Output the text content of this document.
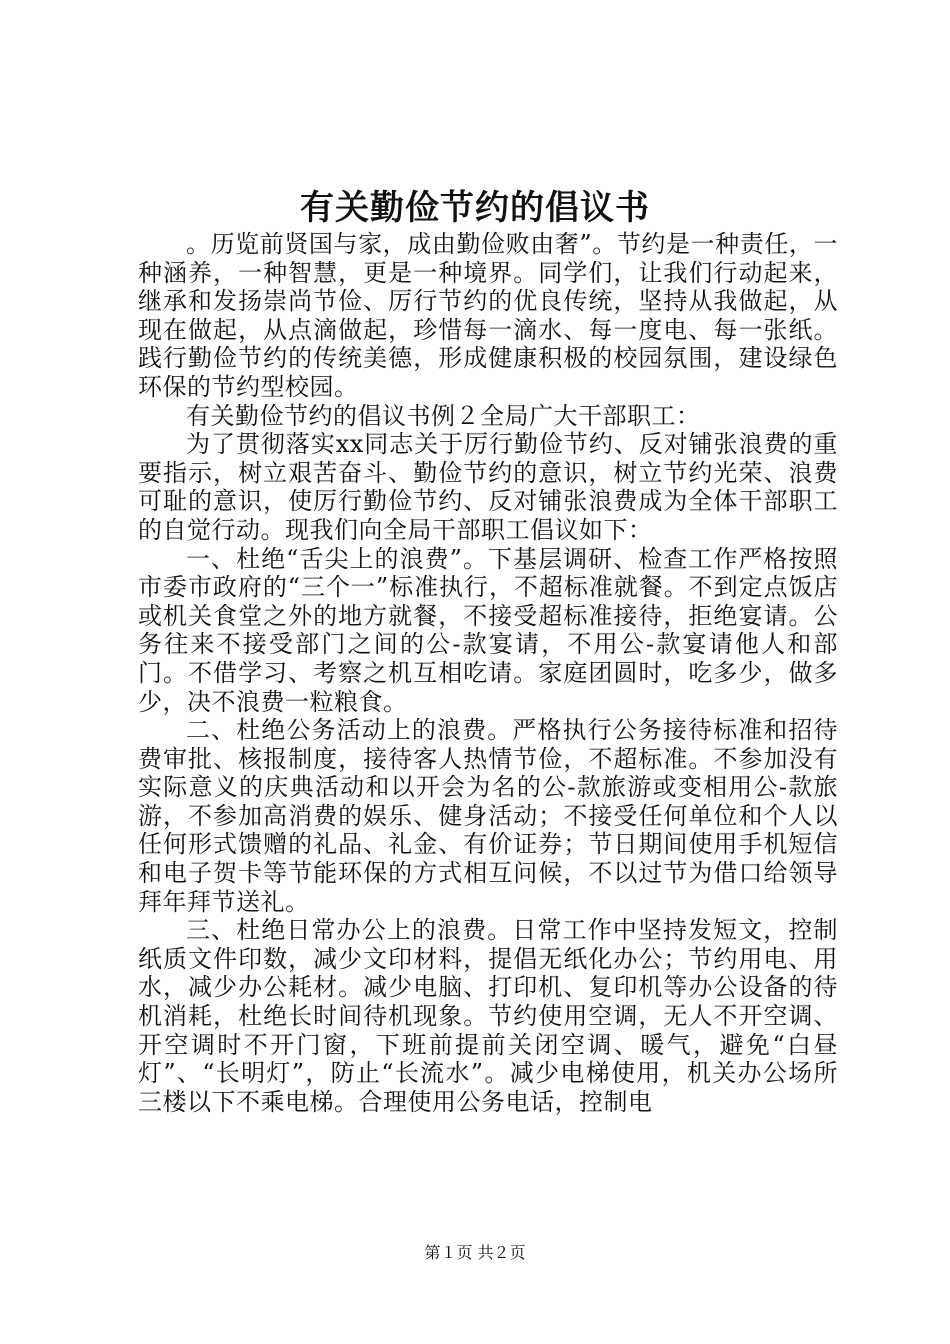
有关勤俭节约的倡议书

。历览前贤国与家，成由勤俭败由奢”。节约是一种责任，一种涵养，一种智慧，更是一种境界。同学们，让我们行动起来，继承和发扬崇尚节俭、厉行节约的优良传统，坚持从我做起，从现在做起，从点滴做起，珍惜每一滴水、每一度电、每一张纸。践行勤俭节约的传统美德，形成健康积极的校园氛围，建设绿色环保的节约型校园。

有关勤俭节约的倡议书例２全局广大干部职工：

为了贯彻落实xx同志关于厉行勤俭节约、反对铺张浪费的重要指示，树立艰苦奋斗、勤俭节约的意识，树立节约光荣、浪费可耻的意识，使厉行勤俭节约、反对铺张浪费成为全体干部职工的自觉行动。现我们向全局干部职工倡议如下：

一、杜绝“舌尖上的浪费”。下基层调研、检查工作严格按照市委市政府的“三个一”标准执行，不超标准就餐。不到定点饭店或机关食堂之外的地方就餐，不接受超标准接待，拒绝宴请。公务往来不接受部门之间的公-款宴请，不用公-款宴请他人和部门。不借学习、考察之机互相吃请。家庭团圆时，吃多少，做多少，决不浪费一粒粮食。

二、杜绝公务活动上的浪费。严格执行公务接待标准和招待费审批、核报制度，接待客人热情节俭，不超标准。不参加没有实际意义的庆典活动和以开会为名的公-款旅游或变相用公-款旅游，不参加高消费的娱乐、健身活动；不接受任何单位和个人以任何形式馈赠的礼品、礼金、有价证券；节日期间使用手机短信和电子贺卡等节能环保的方式相互问候，不以过节为借口给领导拜年拜节送礼。

三、杜绝日常办公上的浪费。日常工作中坚持发短文，控制纸质文件印数，减少文印材料，提倡无纸化办公；节约用电、用水，减少办公耗材。减少电脑、打印机、复印机等办公设备的待机消耗，杜绝长时间待机现象。节约使用空调，无人不开空调、开空调时不开门窗，下班前提前关闭空调、暖气，避免“白昼灯”、“长明灯”，防止“长流水”。减少电梯使用，机关办公场所三楼以下不乘电梯。合理使用公务电话，控制电

第１页 共２页
